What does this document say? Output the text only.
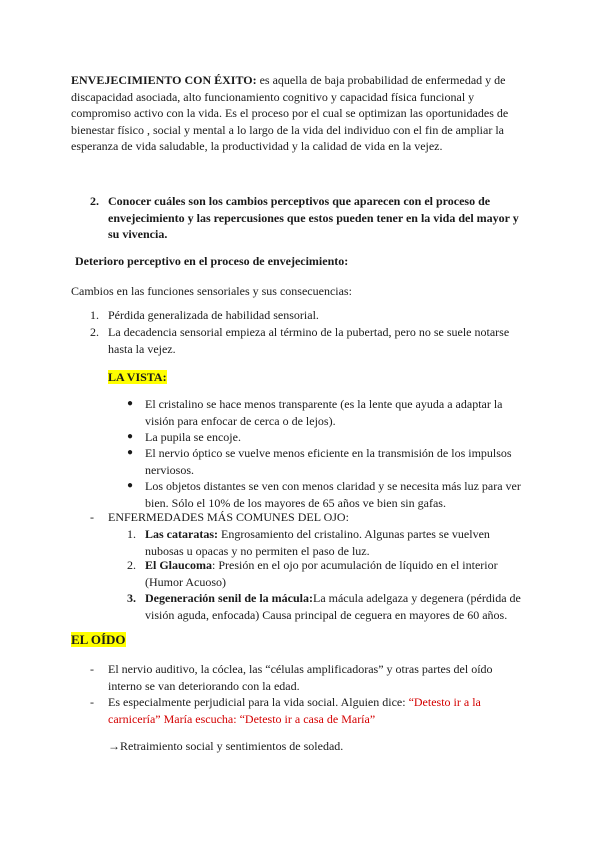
ENVEJECIMIENTO CON ÉXITO: es aquella de baja probabilidad de enfermedad y de discapacidad asociada, alto funcionamiento cognitivo y capacidad física funcional y compromiso activo con la vida. Es el proceso por el cual se optimizan las oportunidades de bienestar físico , social y mental a lo largo de la vida del individuo con el fin de ampliar la esperanza de vida saludable, la productividad y la calidad de vida en la vejez.

2. Conocer cuáles son los cambios perceptivos que aparecen con el proceso de envejecimiento y las repercusiones que estos pueden tener en la vida del mayor y su vivencia.

Deterioro perceptivo en el proceso de envejecimiento:
Cambios en las funciones sensoriales y sus consecuencias:
1. Pérdida generalizada de habilidad sensorial.

2. La decadencia sensorial empieza al término de la pubertad, pero no se suele notarse hasta la vejez.

LA VISTA:
● El cristalino se hace menos transparente (es la lente que ayuda a adaptar la visión para enfocar de cerca o de lejos).

● La pupila se encoje.

● El nervio óptico se vuelve menos eficiente en la transmisión de los impulsos nerviosos.

● Los objetos distantes se ven con menos claridad y se necesita más luz para ver bien. Sólo el 10% de los mayores de 65 años ve bien sin gafas.

- ENFERMEDADES MÁS COMUNES DEL OJO:

1. Las cataratas: Engrosamiento del cristalino. Algunas partes se vuelven nubosas u opacas y no permiten el paso de luz.

2. El Glaucoma: Presión en el ojo por acumulación de líquido en el interior (Humor Acuoso)

3. Degeneración senil de la mácula:La mácula adelgaza y degenera (pérdida de visión aguda, enfocada) Causa principal de ceguera en mayores de 60 años.

EL OÍDO
- El nervio auditivo, la cóclea, las “células amplificadoras” y otras partes del oído interno se van deteriorando con la edad.

- Es especialmente perjudicial para la vida social. Alguien dice: “Detesto ir a la carnicería” María escucha: “Detesto ir a casa de María”

→Retraimiento social y sentimientos de soledad.
